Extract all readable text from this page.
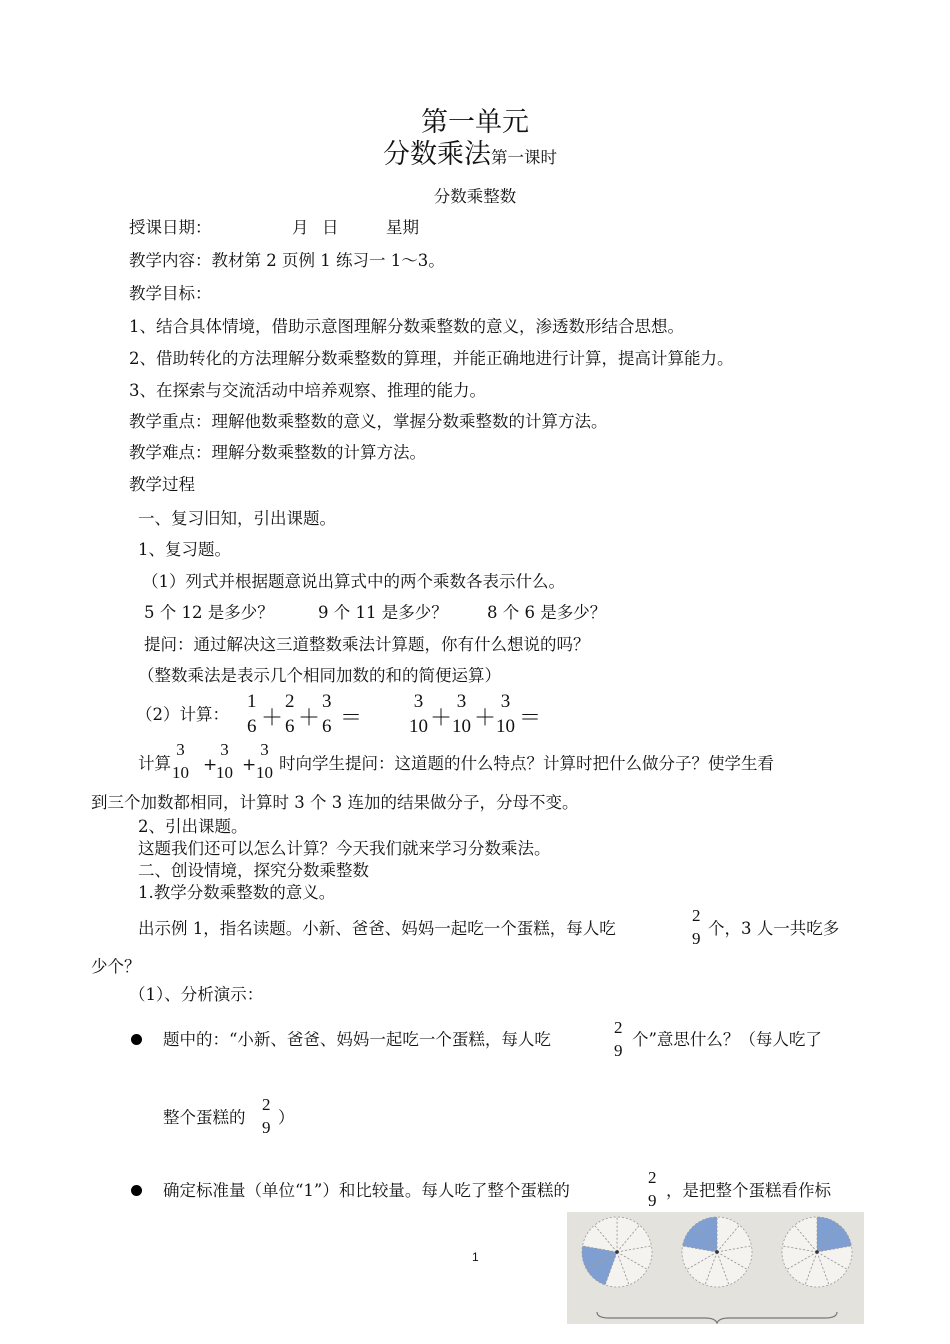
第一单元
分数乘法第一课时
分数乘整数
授课日期：	月 日	星期
教学内容：教材第 2 页例 1 练习一 1～3。
教学目标：
1、结合具体情境，借助示意图理解分数乘整数的意义，渗透数形结合思想。
2、借助转化的方法理解分数乘整数的算理，并能正确地进行计算，提高计算能力。
3、在探索与交流活动中培养观察、推理的能力。
教学重点：理解他数乘整数的意义，掌握分数乘整数的计算方法。
教学难点：理解分数乘整数的计算方法。
教学过程
一、复习旧知，引出课题。
1、复习题。
（1）列式并根据题意说出算式中的两个乘数各表示什么。
5 个 12 是多少？	9 个 11 是多少？ 8 个 6 是多少？
提问：通过解决这三道整数乘法计算题，你有什么想说的吗？
（整数乘法是表示几个相同加数的和的简便运算）
（2）计算：
1
6 ＋
2
6 ＋
3
6 ＝
3
10 ＋
3
10 ＋
3
10 ＝
计算
3
10 +
3
10 +
3
10 时向学生提问：这道题的什么特点？计算时把什么做分子？使学生看
到三个加数都相同，计算时 3 个 3 连加的结果做分子，分母不变。
2、引出课题。
这题我们还可以怎么计算？今天我们就来学习分数乘法。
二、创设情境，探究分数乘整数
1.教学分数乘整数的意义。
出示例 1，指名读题。小新、爸爸、妈妈一起吃一个蛋糕，每人吃
2
9
个，3 人一共吃多
少个？
（1）、分析演示：
题中的：“小新、爸爸、妈妈一起吃一个蛋糕，每人吃
2
9
个”意思什么？（每人吃了
整个蛋糕的
2
9
）
确定标准量（单位“1”）和比较量。每人吃了整个蛋糕的
2
9
，是把整个蛋糕看作标
1
